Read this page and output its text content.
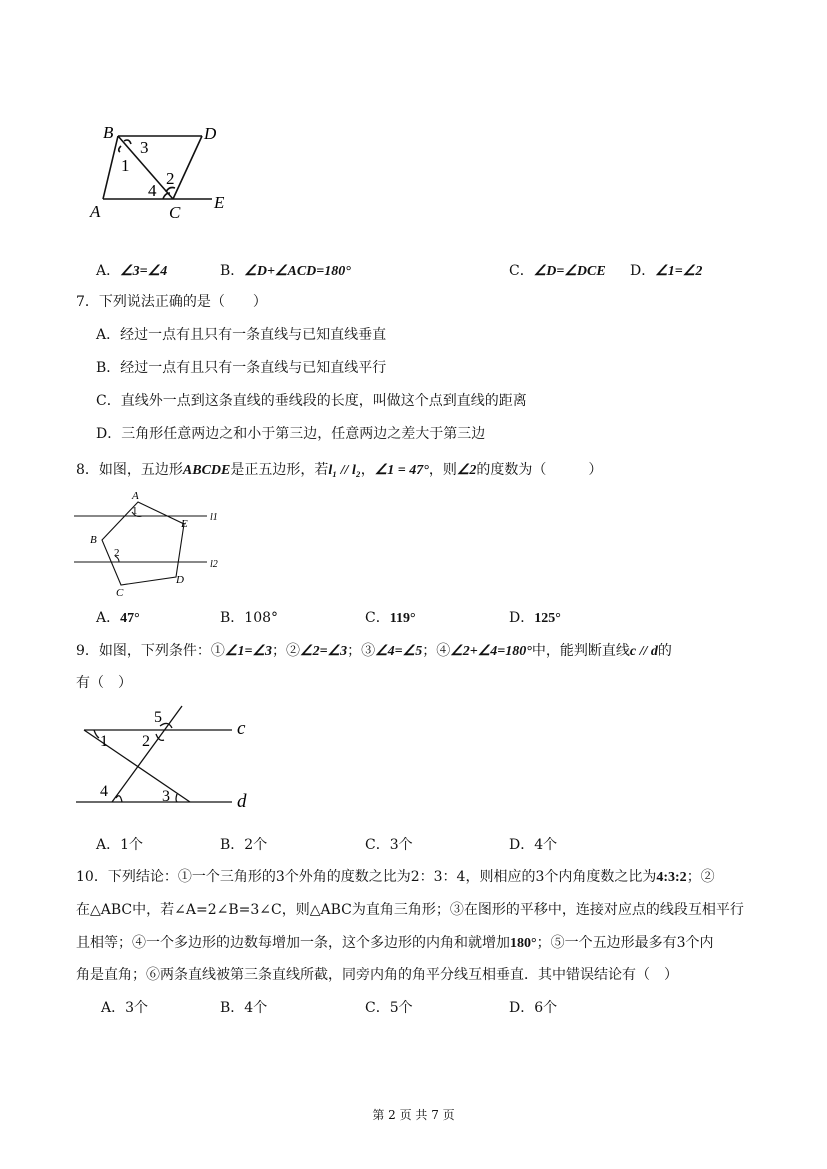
B	D
3
1
2
4
A	C
E
A．∠3=∠4	B．∠D+∠ACD=180°	C．∠D=∠DCE D．∠1=∠2
7．下列说法正确的是（　　）
A．经过一点有且只有一条直线与已知直线垂直
B．经过一点有且只有一条直线与已知直线平行
C．直线外一点到这条直线的垂线段的长度，叫做这个点到直线的距离
D．三角形任意两边之和小于第三边，任意两边之差大于第三边
8．如图，五边形ABCDE是正五边形，若l₁ // l₂，∠1 = 47°，则∠2的度数为（　　　）
A
1
E
l1
B
2
l2
C
D
A．47°	B．108°	C．119°	D．125°
9．如图，下列条件：①∠1=∠3；②∠2=∠3；③∠4=∠5；④∠2+∠4=180°中，能判断直线c // d的
有（　）
5
c
1 2
4	3	d
A．1个	B．2个	C．3个	D．4个
10．下列结论：①一个三角形的3个外角的度数之比为2：3：4，则相应的3个内角度数之比为4:3:2；②
在△ABC中，若∠A=2∠B=3∠C，则△ABC为直角三角形；③在图形的平移中，连接对应点的线段互相平行
且相等；④一个多边形的边数每增加一条，这个多边形的内角和就增加180°；⑤一个五边形最多有3个内
角是直角；⑥两条直线被第三条直线所截，同旁内角的角平分线互相垂直．其中错误结论有（　）
A．3个	B．4个	C．5个	D．6个
第 2 页 共 7 页
